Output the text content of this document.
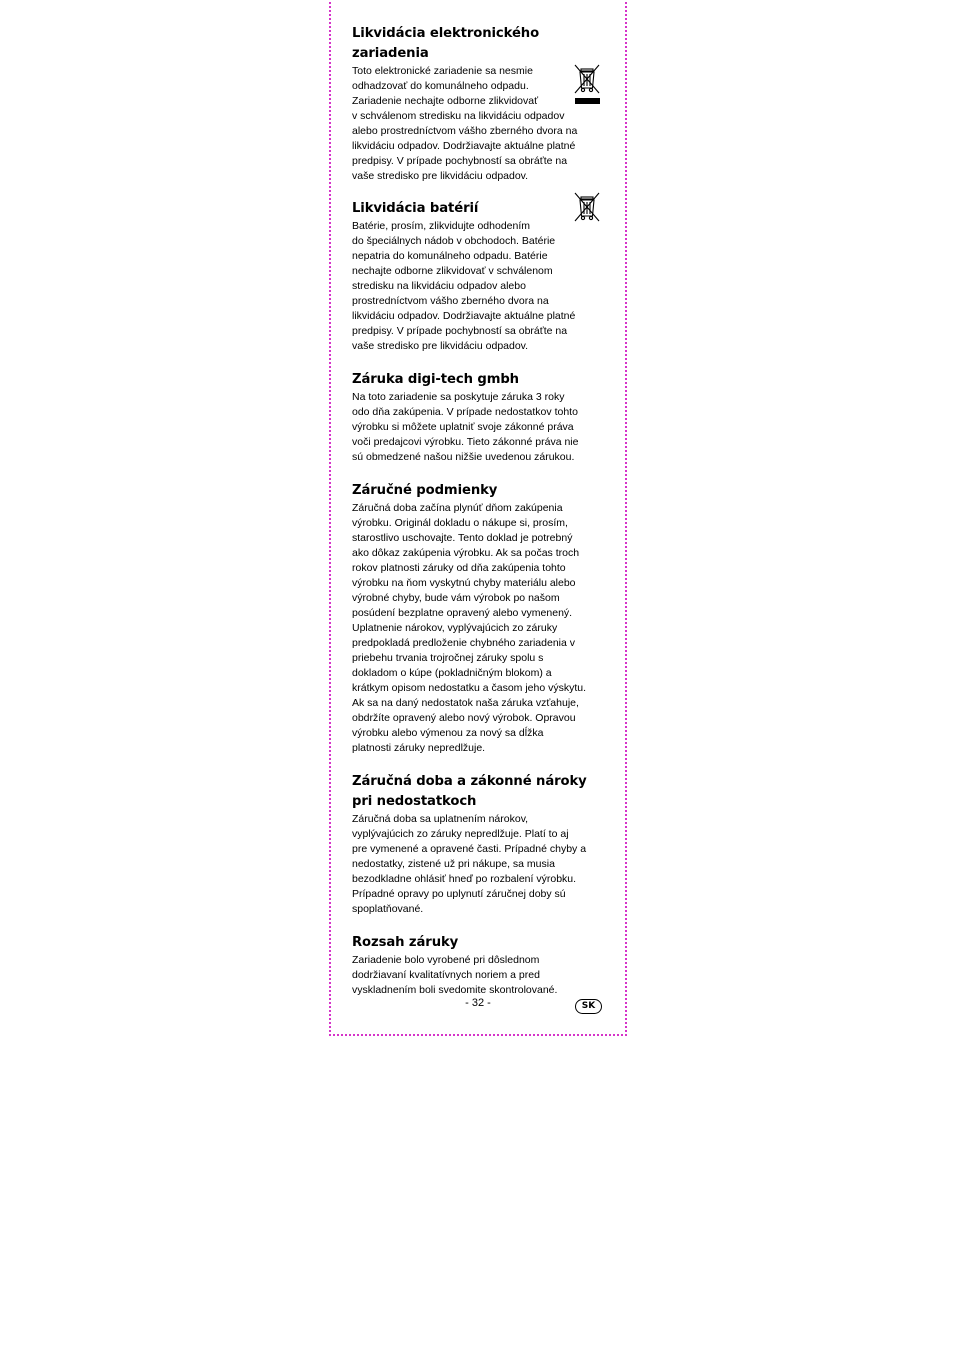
Likvidácia elektronického
zariadenia

Toto elektronické zariadenie sa nesmie
odhadzovať do komunálneho odpadu.
Zariadenie nechajte odborne zlikvidovať
v schválenom stredisku na likvidáciu odpadov
alebo prostredníctvom vášho zberného dvora na
likvidáciu odpadov. Dodržiavajte aktuálne platné
predpisy. V prípade pochybností sa obráťte na
vaše stredisko pre likvidáciu odpadov.

Likvidácia batérií

Batérie, prosím, zlikvidujte odhodením
do špeciálnych nádob v obchodoch. Batérie
nepatria do komunálneho odpadu. Batérie
nechajte odborne zlikvidovať v schválenom
stredisku na likvidáciu odpadov alebo
prostredníctvom vášho zberného dvora na
likvidáciu odpadov. Dodržiavajte aktuálne platné
predpisy. V prípade pochybností sa obráťte na
vaše stredisko pre likvidáciu odpadov.

Záruka digi-tech gmbh

Na toto zariadenie sa poskytuje záruka 3 roky
odo dňa zakúpenia. V prípade nedostatkov tohto
výrobku si môžete uplatniť svoje zákonné práva
voči predajcovi výrobku. Tieto zákonné práva nie
sú obmedzené našou nižšie uvedenou zárukou.

Záručné podmienky

Záručná doba začína plynúť dňom zakúpenia
výrobku. Originál dokladu o nákupe si, prosím,
starostlivo uschovajte. Tento doklad je potrebný
ako dôkaz zakúpenia výrobku. Ak sa počas troch
rokov platnosti záruky od dňa zakúpenia tohto
výrobku na ňom vyskytnú chyby materiálu alebo
výrobné chyby, bude vám výrobok po našom
posúdení bezplatne opravený alebo vymenený.
Uplatnenie nárokov, vyplývajúcich zo záruky
predpokladá predloženie chybného zariadenia v
priebehu trvania trojročnej záruky spolu s
dokladom o kúpe (pokladničným blokom) a
krátkym opisom nedostatku a časom jeho výskytu.
Ak sa na daný nedostatok naša záruka vzťahuje,
obdržíte opravený alebo nový výrobok. Opravou
výrobku alebo výmenou za nový sa dĺžka
platnosti záruky nepredlžuje.

Záručná doba a zákonné nároky
pri nedostatkoch

Záručná doba sa uplatnením nárokov,
vyplývajúcich zo záruky nepredlžuje. Platí to aj
pre vymenené a opravené časti. Prípadné chyby a
nedostatky, zistené už pri nákupe, sa musia
bezodkladne ohlásiť hneď po rozbalení výrobku.
Prípadné opravy po uplynutí záručnej doby sú
spoplatňované.

Rozsah záruky

Zariadenie bolo vyrobené pri dôslednom
dodržiavaní kvalitatívnych noriem a pred
vyskladnením boli svedomite skontrolované.

- 32 -	SK
